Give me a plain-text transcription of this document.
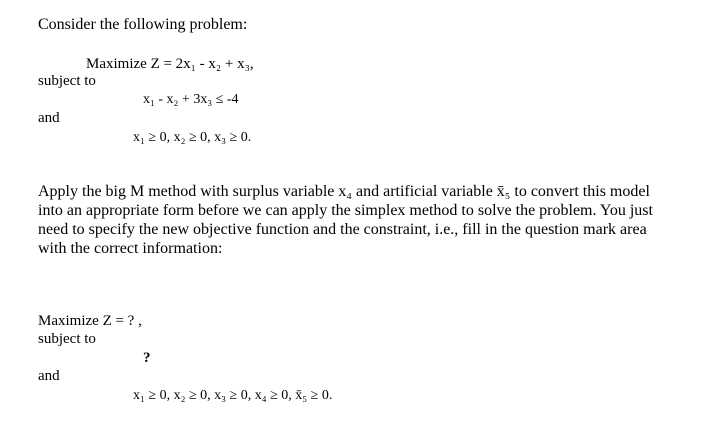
Consider the following problem:
Maximize Z = 2x₁ - x₂ + x₃,
subject to
x₁ - x₂ + 3x₃ ≤ -4
and
x₁ ≥ 0, x₂ ≥ 0, x₃ ≥ 0.

Apply the big M method with surplus variable x₄ and artificial variable x̄₅ to convert this model

into an appropriate form before we can apply the simplex method to solve the problem. You just

need to specify the new objective function and the constraint, i.e., fill in the question mark area

with the correct information:

Maximize Z = ? ,
subject to
?
and
x₁ ≥ 0, x₂ ≥ 0, x₃ ≥ 0, x₄ ≥ 0, x̄₅ ≥ 0.
